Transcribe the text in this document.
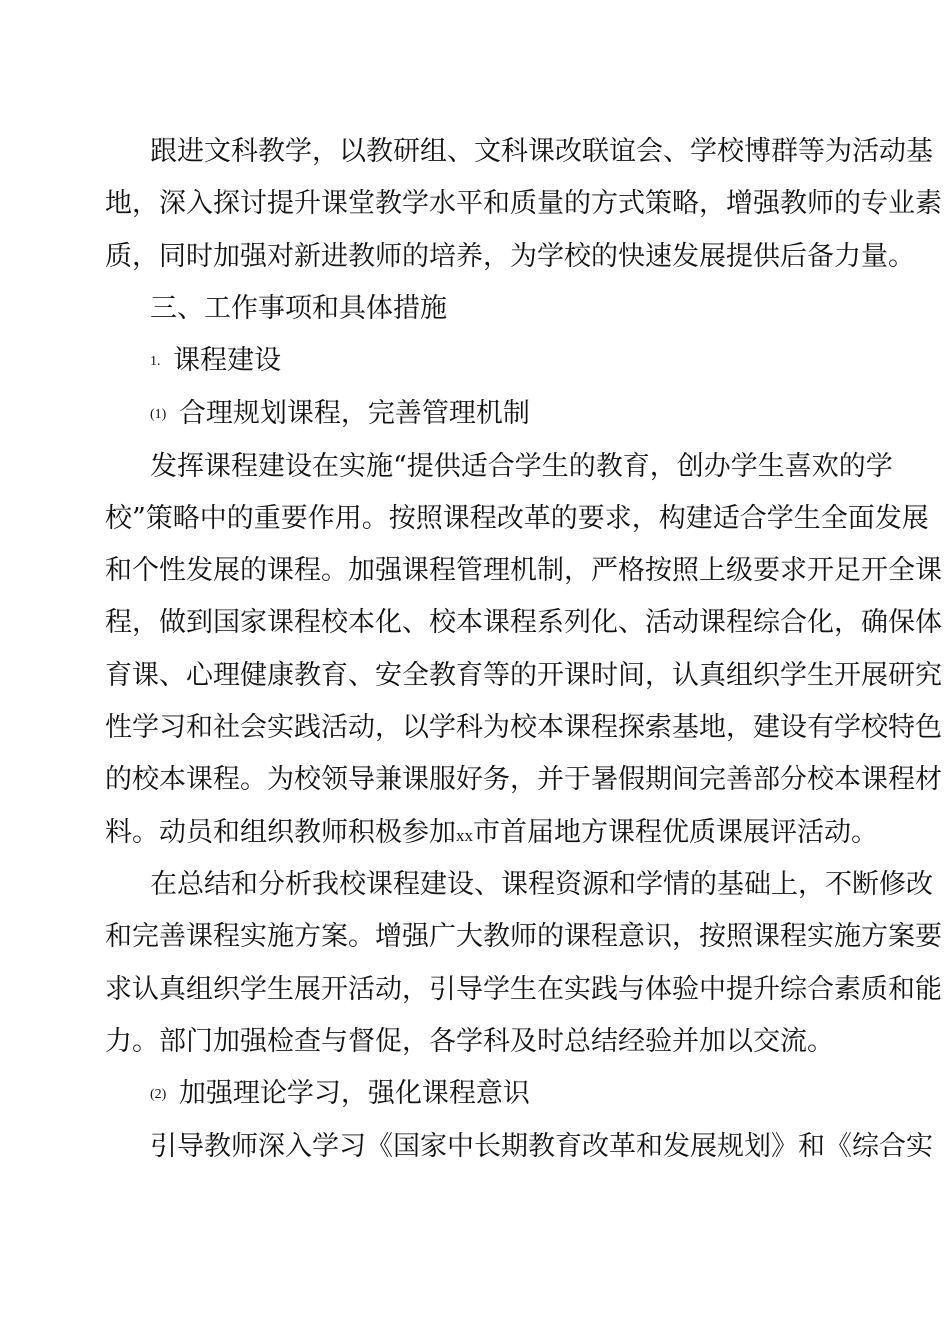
跟进文科教学，以教研组、文科课改联谊会、学校博群等为活动基
地，深入探讨提升课堂教学水平和质量的方式策略，增强教师的专业素
质，同时加强对新进教师的培养，为学校的快速发展提供后备力量。
三、工作事项和具体措施
1. 课程建设
(1) 合理规划课程，完善管理机制
发挥课程建设在实施“提供适合学生的教育，创办学生喜欢的学
校”策略中的重要作用。按照课程改革的要求，构建适合学生全面发展
和个性发展的课程。加强课程管理机制，严格按照上级要求开足开全课
程，做到国家课程校本化、校本课程系列化、活动课程综合化，确保体
育课、心理健康教育、安全教育等的开课时间，认真组织学生开展研究
性学习和社会实践活动，以学科为校本课程探索基地，建设有学校特色
的校本课程。为校领导兼课服好务，并于暑假期间完善部分校本课程材
料。动员和组织教师积极参加xx市首届地方课程优质课展评活动。
在总结和分析我校课程建设、课程资源和学情的基础上，不断修改
和完善课程实施方案。增强广大教师的课程意识，按照课程实施方案要
求认真组织学生展开活动，引导学生在实践与体验中提升综合素质和能
力。部门加强检查与督促，各学科及时总结经验并加以交流。
(2) 加强理论学习，强化课程意识
引导教师深入学习《国家中长期教育改革和发展规划》和《综合实
